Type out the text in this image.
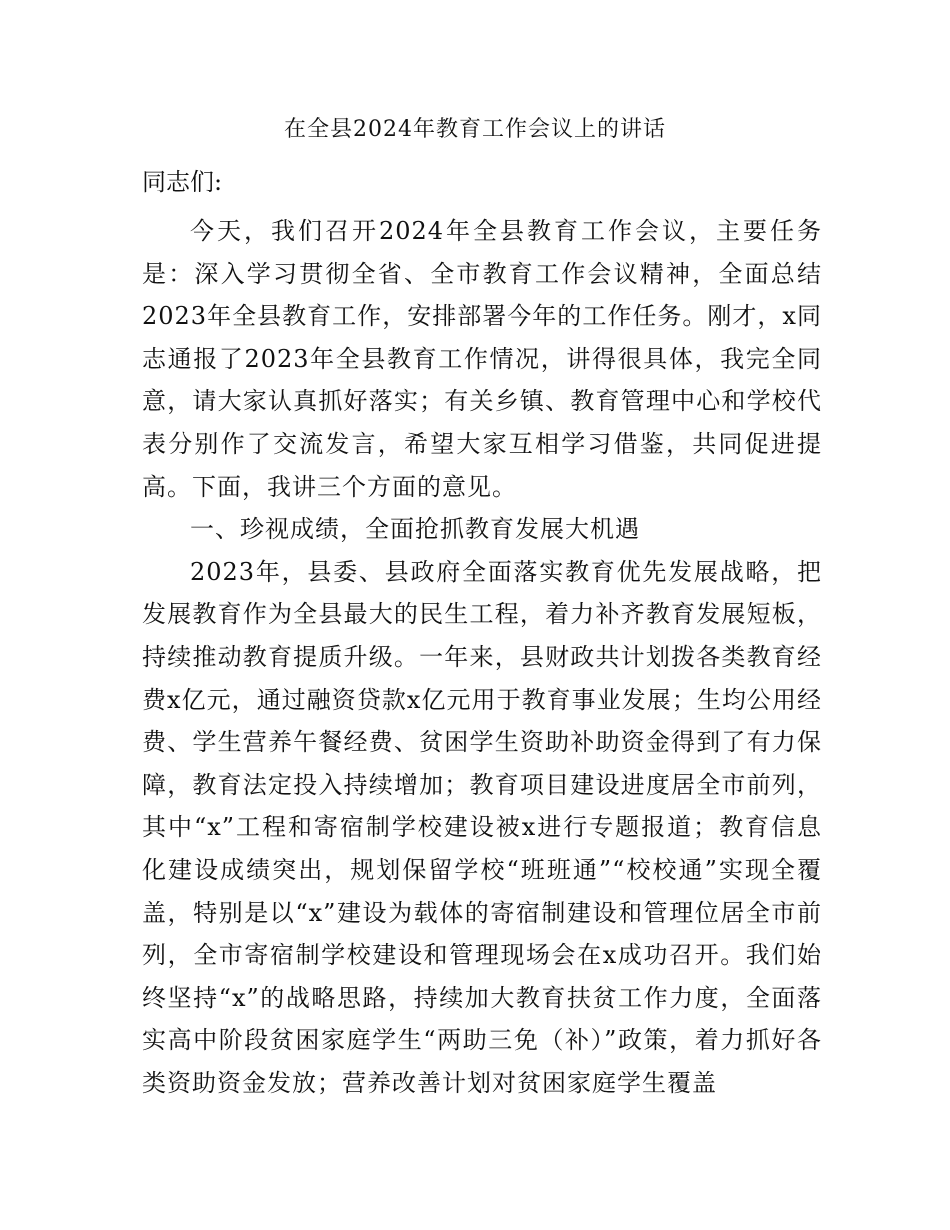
在全县2024年教育工作会议上的讲话
同志们:

今天，我们召开2024年全县教育工作会议，主要任务是：深入学习贯彻全省、全市教育工作会议精神，全面总结2023年全县教育工作，安排部署今年的工作任务。刚才，x同志通报了2023年全县教育工作情况，讲得很具体，我完全同意，请大家认真抓好落实；有关乡镇、教育管理中心和学校代表分别作了交流发言，希望大家互相学习借鉴，共同促进提高。下面，我讲三个方面的意见。

一、珍视成绩，全面抢抓教育发展大机遇

2023年，县委、县政府全面落实教育优先发展战略，把发展教育作为全县最大的民生工程，着力补齐教育发展短板，持续推动教育提质升级。一年来，县财政共计划拨各类教育经费x亿元，通过融资贷款x亿元用于教育事业发展；生均公用经费、学生营养午餐经费、贫困学生资助补助资金得到了有力保障，教育法定投入持续增加；教育项目建设进度居全市前列，其中“x”工程和寄宿制学校建设被x进行专题报道；教育信息化建设成绩突出，规划保留学校“班班通”“校校通”实现全覆盖，特别是以“x”建设为载体的寄宿制建设和管理位居全市前列，全市寄宿制学校建设和管理现场会在x成功召开。我们始终坚持“x”的战略思路，持续加大教育扶贫工作力度，全面落实高中阶段贫困家庭学生“两助三免（补）”政策，着力抓好各类资助资金发放；营养改善计划对贫困家庭学生覆盖
